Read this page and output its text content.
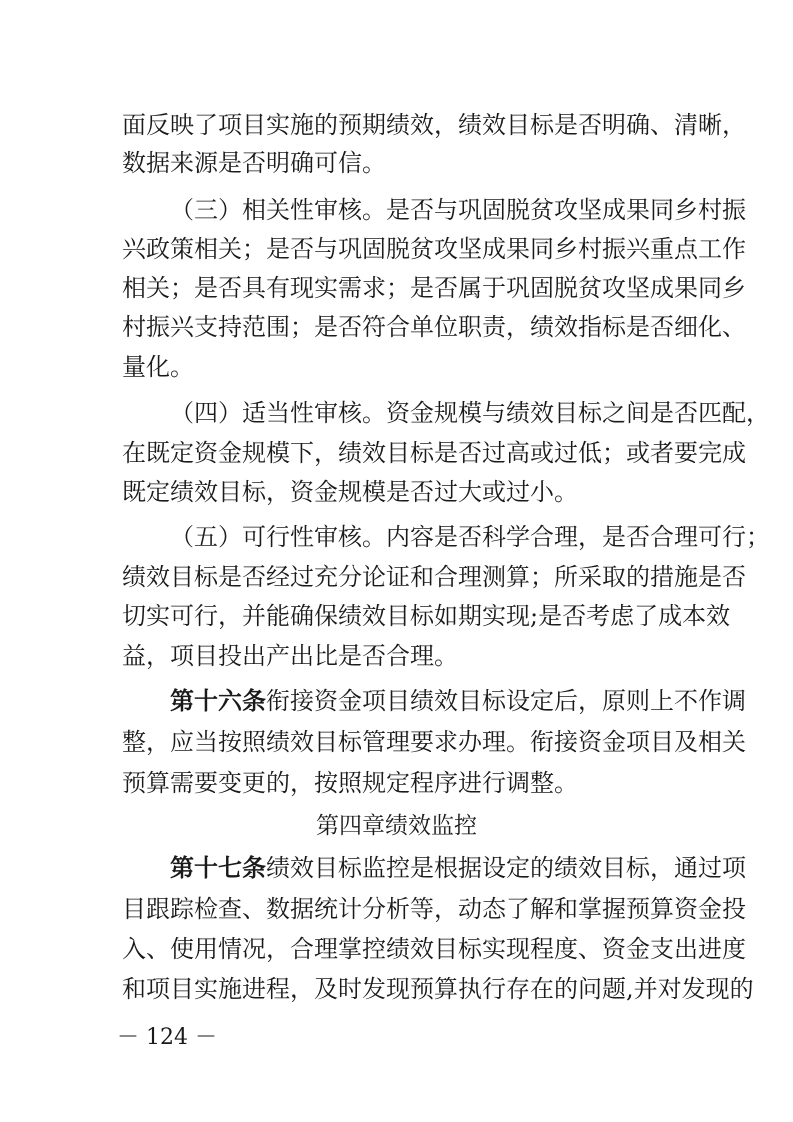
面反映了项目实施的预期绩效，绩效目标是否明确、清晰，
数据来源是否明确可信。
（三）相关性审核。是否与巩固脱贫攻坚成果同乡村振
兴政策相关；是否与巩固脱贫攻坚成果同乡村振兴重点工作
相关；是否具有现实需求；是否属于巩固脱贫攻坚成果同乡
村振兴支持范围；是否符合单位职责，绩效指标是否细化、
量化。
（四）适当性审核。资金规模与绩效目标之间是否匹配，
在既定资金规模下，绩效目标是否过高或过低；或者要完成
既定绩效目标，资金规模是否过大或过小。
（五）可行性审核。内容是否科学合理，是否合理可行；
绩效目标是否经过充分论证和合理测算；所采取的措施是否
切实可行，并能确保绩效目标如期实现;是否考虑了成本效
益，项目投出产出比是否合理。
第十六条衔接资金项目绩效目标设定后，原则上不作调
整，应当按照绩效目标管理要求办理。衔接资金项目及相关
预算需要变更的，按照规定程序进行调整。
第四章绩效监控
第十七条绩效目标监控是根据设定的绩效目标，通过项
目跟踪检查、数据统计分析等，动态了解和掌握预算资金投
入、使用情况，合理掌控绩效目标实现程度、资金支出进度
和项目实施进程，及时发现预算执行存在的问题,并对发现的
－ 124 －
